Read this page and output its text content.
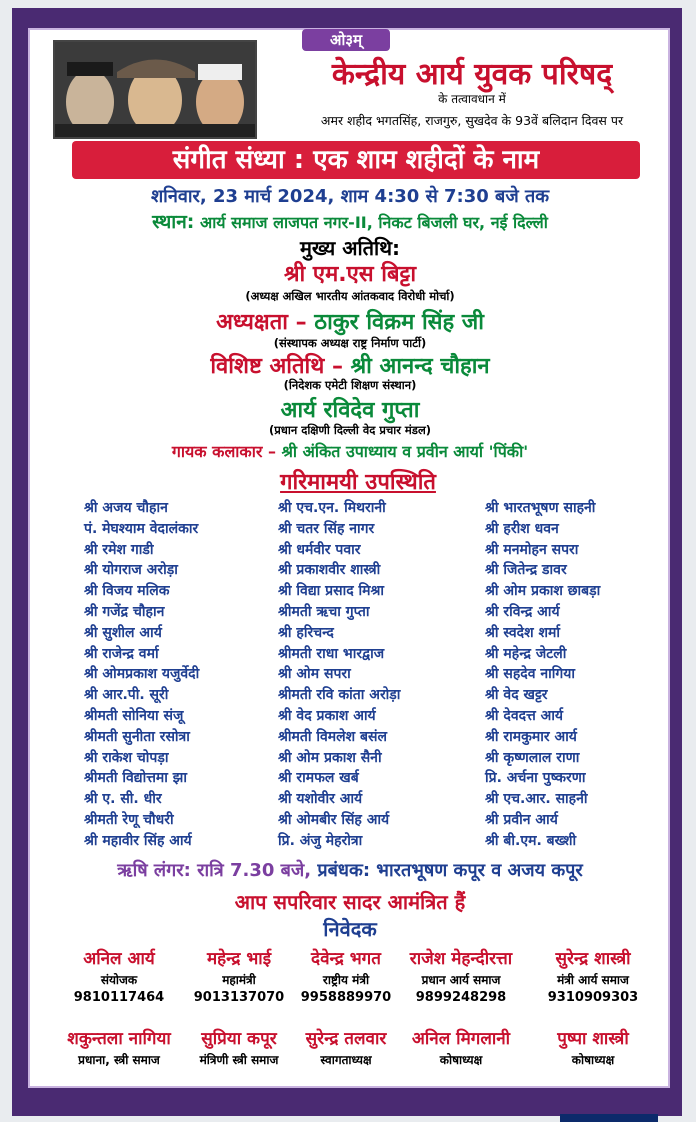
ओ३म्
केन्द्रीय आर्य युवक परिषद्
के तत्वावधान में
अमर शहीद भगतसिंह, राजगुरु, सुखदेव के 93वें बलिदान दिवस पर
संगीत संध्या : एक शाम शहीदों के नाम
शनिवार, 23 मार्च 2024, शाम 4:30 से 7:30 बजे तक
स्थान: आर्य समाज लाजपत नगर-II, निकट बिजली घर, नई दिल्ली
मुख्य अतिथि:
श्री एम.एस बिट्टा
(अध्यक्ष अखिल भारतीय आंतकवाद विरोधी मोर्चा)
अध्यक्षता – ठाकुर विक्रम सिंह जी
(संस्थापक अध्यक्ष राष्ट्र निर्माण पार्टी)
विशिष्ट अतिथि – श्री आनन्द चौहान
(निदेशक एमेटी शिक्षण संस्थान)
आर्य रविदेव गुप्ता
(प्रधान दक्षिणी दिल्ली वेद प्रचार मंडल)
गायक कलाकार – श्री अंकित उपाध्याय व प्रवीन आर्या 'पिंकी'
गरिमामयी उपस्थिति
श्री अजय चौहान
पं. मेघश्याम वेदालंकार
श्री रमेश गाडी
श्री योगराज अरोड़ा
श्री विजय मलिक
श्री गजेंद्र चौहान
श्री सुशील आर्य
श्री राजेन्द्र वर्मा
श्री ओमप्रकाश यजुर्वेदी
श्री आर.पी. सूरी
श्रीमती सोनिया संजू
श्रीमती सुनीता रसोत्रा
श्री राकेश चोपड़ा
श्रीमती विद्योत्तमा झा
श्री ए. सी. धीर
श्रीमती रेणू चौधरी
श्री महावीर सिंह आर्य
श्री एच.एन. मिथरानी
श्री चतर सिंह नागर
श्री धर्मवीर पवार
श्री प्रकाशवीर शास्त्री
श्री विद्या प्रसाद मिश्रा
श्रीमती ऋचा गुप्ता
श्री हरिचन्द
श्रीमती राधा भारद्वाज
श्री ओम सपरा
श्रीमती रवि कांता अरोड़ा
श्री वेद प्रकाश आर्य
श्रीमती विमलेश बसंल
श्री ओम प्रकाश सैनी
श्री रामफल खर्ब
श्री यशोवीर आर्य
श्री ओमबीर सिंह आर्य
प्रि. अंजु मेहरोत्रा
श्री भारतभूषण साहनी
श्री हरीश धवन
श्री मनमोहन सपरा
श्री जितेन्द्र डावर
श्री ओम प्रकाश छाबड़ा
श्री रविन्द्र आर्य
श्री स्वदेश शर्मा
श्री महेन्द्र जेटली
श्री सहदेव नागिया
श्री वेद खट्टर
श्री देवदत्त आर्य
श्री रामकुमार आर्य
श्री कृष्णलाल राणा
प्रि. अर्चना पुष्करणा
श्री एच.आर. साहनी
श्री प्रवीन आर्य
श्री बी.एम. बख्शी
ऋषि लंगर: रात्रि 7.30 बजे, प्रबंधक: भारतभूषण कपूर व अजय कपूर
आप सपरिवार सादर आमंत्रित हैं
निवेदक
अनिल आर्य
संयोजक
9810117464
महेन्द्र भाई
महामंत्री
9013137070
देवेन्द्र भगत
राष्ट्रीय मंत्री
9958889970
राजेश मेहन्दीरत्ता
प्रधान आर्य समाज
9899248298
सुरेन्द्र शास्त्री
मंत्री आर्य समाज
9310909303
शकुन्तला नागिया
प्रधाना, स्त्री समाज
सुप्रिया कपूर
मंत्रिणी स्त्री समाज
सुरेन्द्र तलवार
स्वागताध्यक्ष
अनिल मिगलानी
कोषाध्यक्ष
पुष्पा शास्त्री
कोषाध्यक्ष
